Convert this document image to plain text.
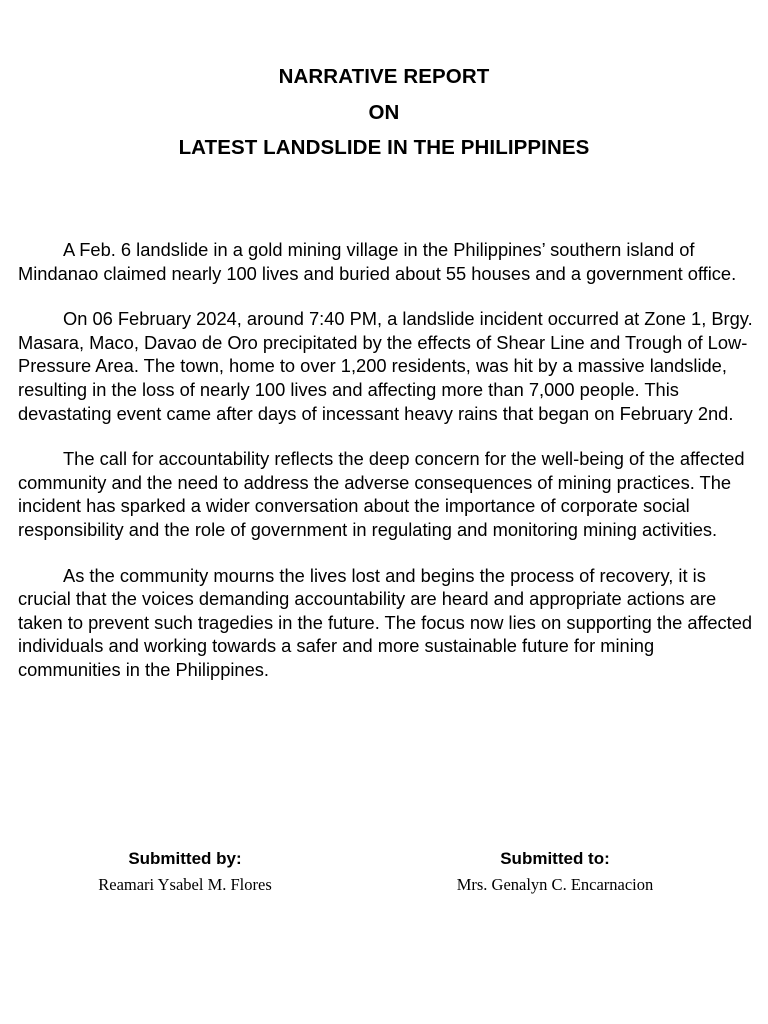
NARRATIVE REPORT
ON
LATEST LANDSLIDE IN THE PHILIPPINES

A Feb. 6 landslide in a gold mining village in the Philippines’ southern island of Mindanao claimed nearly 100 lives and buried about 55 houses and a government office.

On 06 February 2024, around 7:40 PM, a landslide incident occurred at Zone 1, Brgy. Masara, Maco, Davao de Oro precipitated by the effects of Shear Line and Trough of Low-Pressure Area. The town, home to over 1,200 residents, was hit by a massive landslide, resulting in the loss of nearly 100 lives and affecting more than 7,000 people. This devastating event came after days of incessant heavy rains that began on February 2nd.

The call for accountability reflects the deep concern for the well-being of the affected community and the need to address the adverse consequences of mining practices. The incident has sparked a wider conversation about the importance of corporate social responsibility and the role of government in regulating and monitoring mining activities.

As the community mourns the lives lost and begins the process of recovery, it is crucial that the voices demanding accountability are heard and appropriate actions are taken to prevent such tragedies in the future. The focus now lies on supporting the affected individuals and working towards a safer and more sustainable future for mining communities in the Philippines.

Submitted by:
Reamari Ysabel M. Flores
Submitted to:
Mrs. Genalyn C. Encarnacion
